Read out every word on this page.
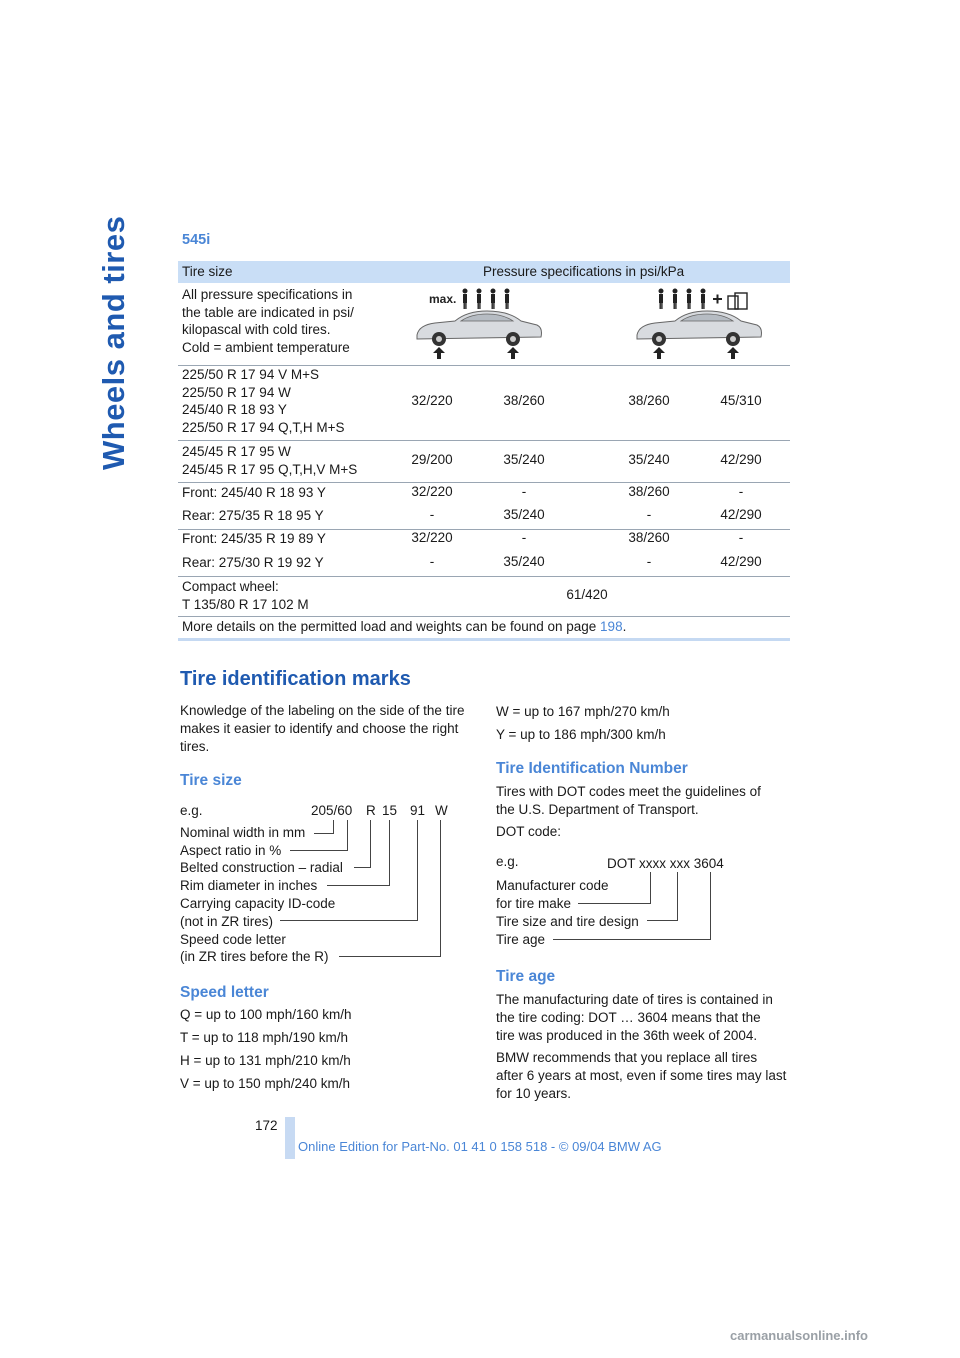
Wheels and tires	545i
Tire size	Pressure specifications in psi/kPa
All pressure specifications in
the table are indicated in psi/
kilopascal with cold tires.
Cold = ambient temperature
max.
225/50 R 17 94 V M+S
225/50 R 17 94 W
245/40 R 18 93 Y
225/50 R 17 94 Q,T,H M+S
32/220	38/260	38/260	45/310
245/45 R 17 95 W
245/45 R 17 95 Q,T,H,V M+S
29/200	35/240	35/240	42/290
Front: 245/40 R 18 93 Y	32/220	-	38/260	-
Rear: 275/35 R 18 95 Y	-	35/240	-	42/290
Front: 245/35 R 19 89 Y	32/220	-	38/260	-
Rear: 275/30 R 19 92 Y	-	35/240	-	42/290
Compact wheel:
T 135/80 R 17 102 M
61/420
More details on the permitted load and weights can be found on page 198.
Tire identification marks
Knowledge of the labeling on the side of the tire
makes it easier to identify and choose the right
tires.
Tire size
e.g.	205/60 R 15 91 W
Nominal width in mm
Aspect ratio in %
Belted construction – radial
Rim diameter in inches
Carrying capacity ID-code
(not in ZR tires)
Speed code letter
(in ZR tires before the R)
Speed letter
Q = up to 100 mph/160 km/h
T = up to 118 mph/190 km/h
H = up to 131 mph/210 km/h
V = up to 150 mph/240 km/h
W = up to 167 mph/270 km/h
Y = up to 186 mph/300 km/h
Tire Identification Number
Tires with DOT codes meet the guidelines of
the U.S. Department of Transport.
DOT code:
e.g.	DOT xxxx xxx 3604
Manufacturer code
for tire make
Tire size and tire design
Tire age
Tire age
The manufacturing date of tires is contained in
the tire coding: DOT … 3604 means that the
tire was produced in the 36th week of 2004.
BMW recommends that you replace all tires
after 6 years at most, even if some tires may last
for 10 years.
172
Online Edition for Part-No. 01 41 0 158 518 - © 09/04 BMW AG
carmanualsonline.info
